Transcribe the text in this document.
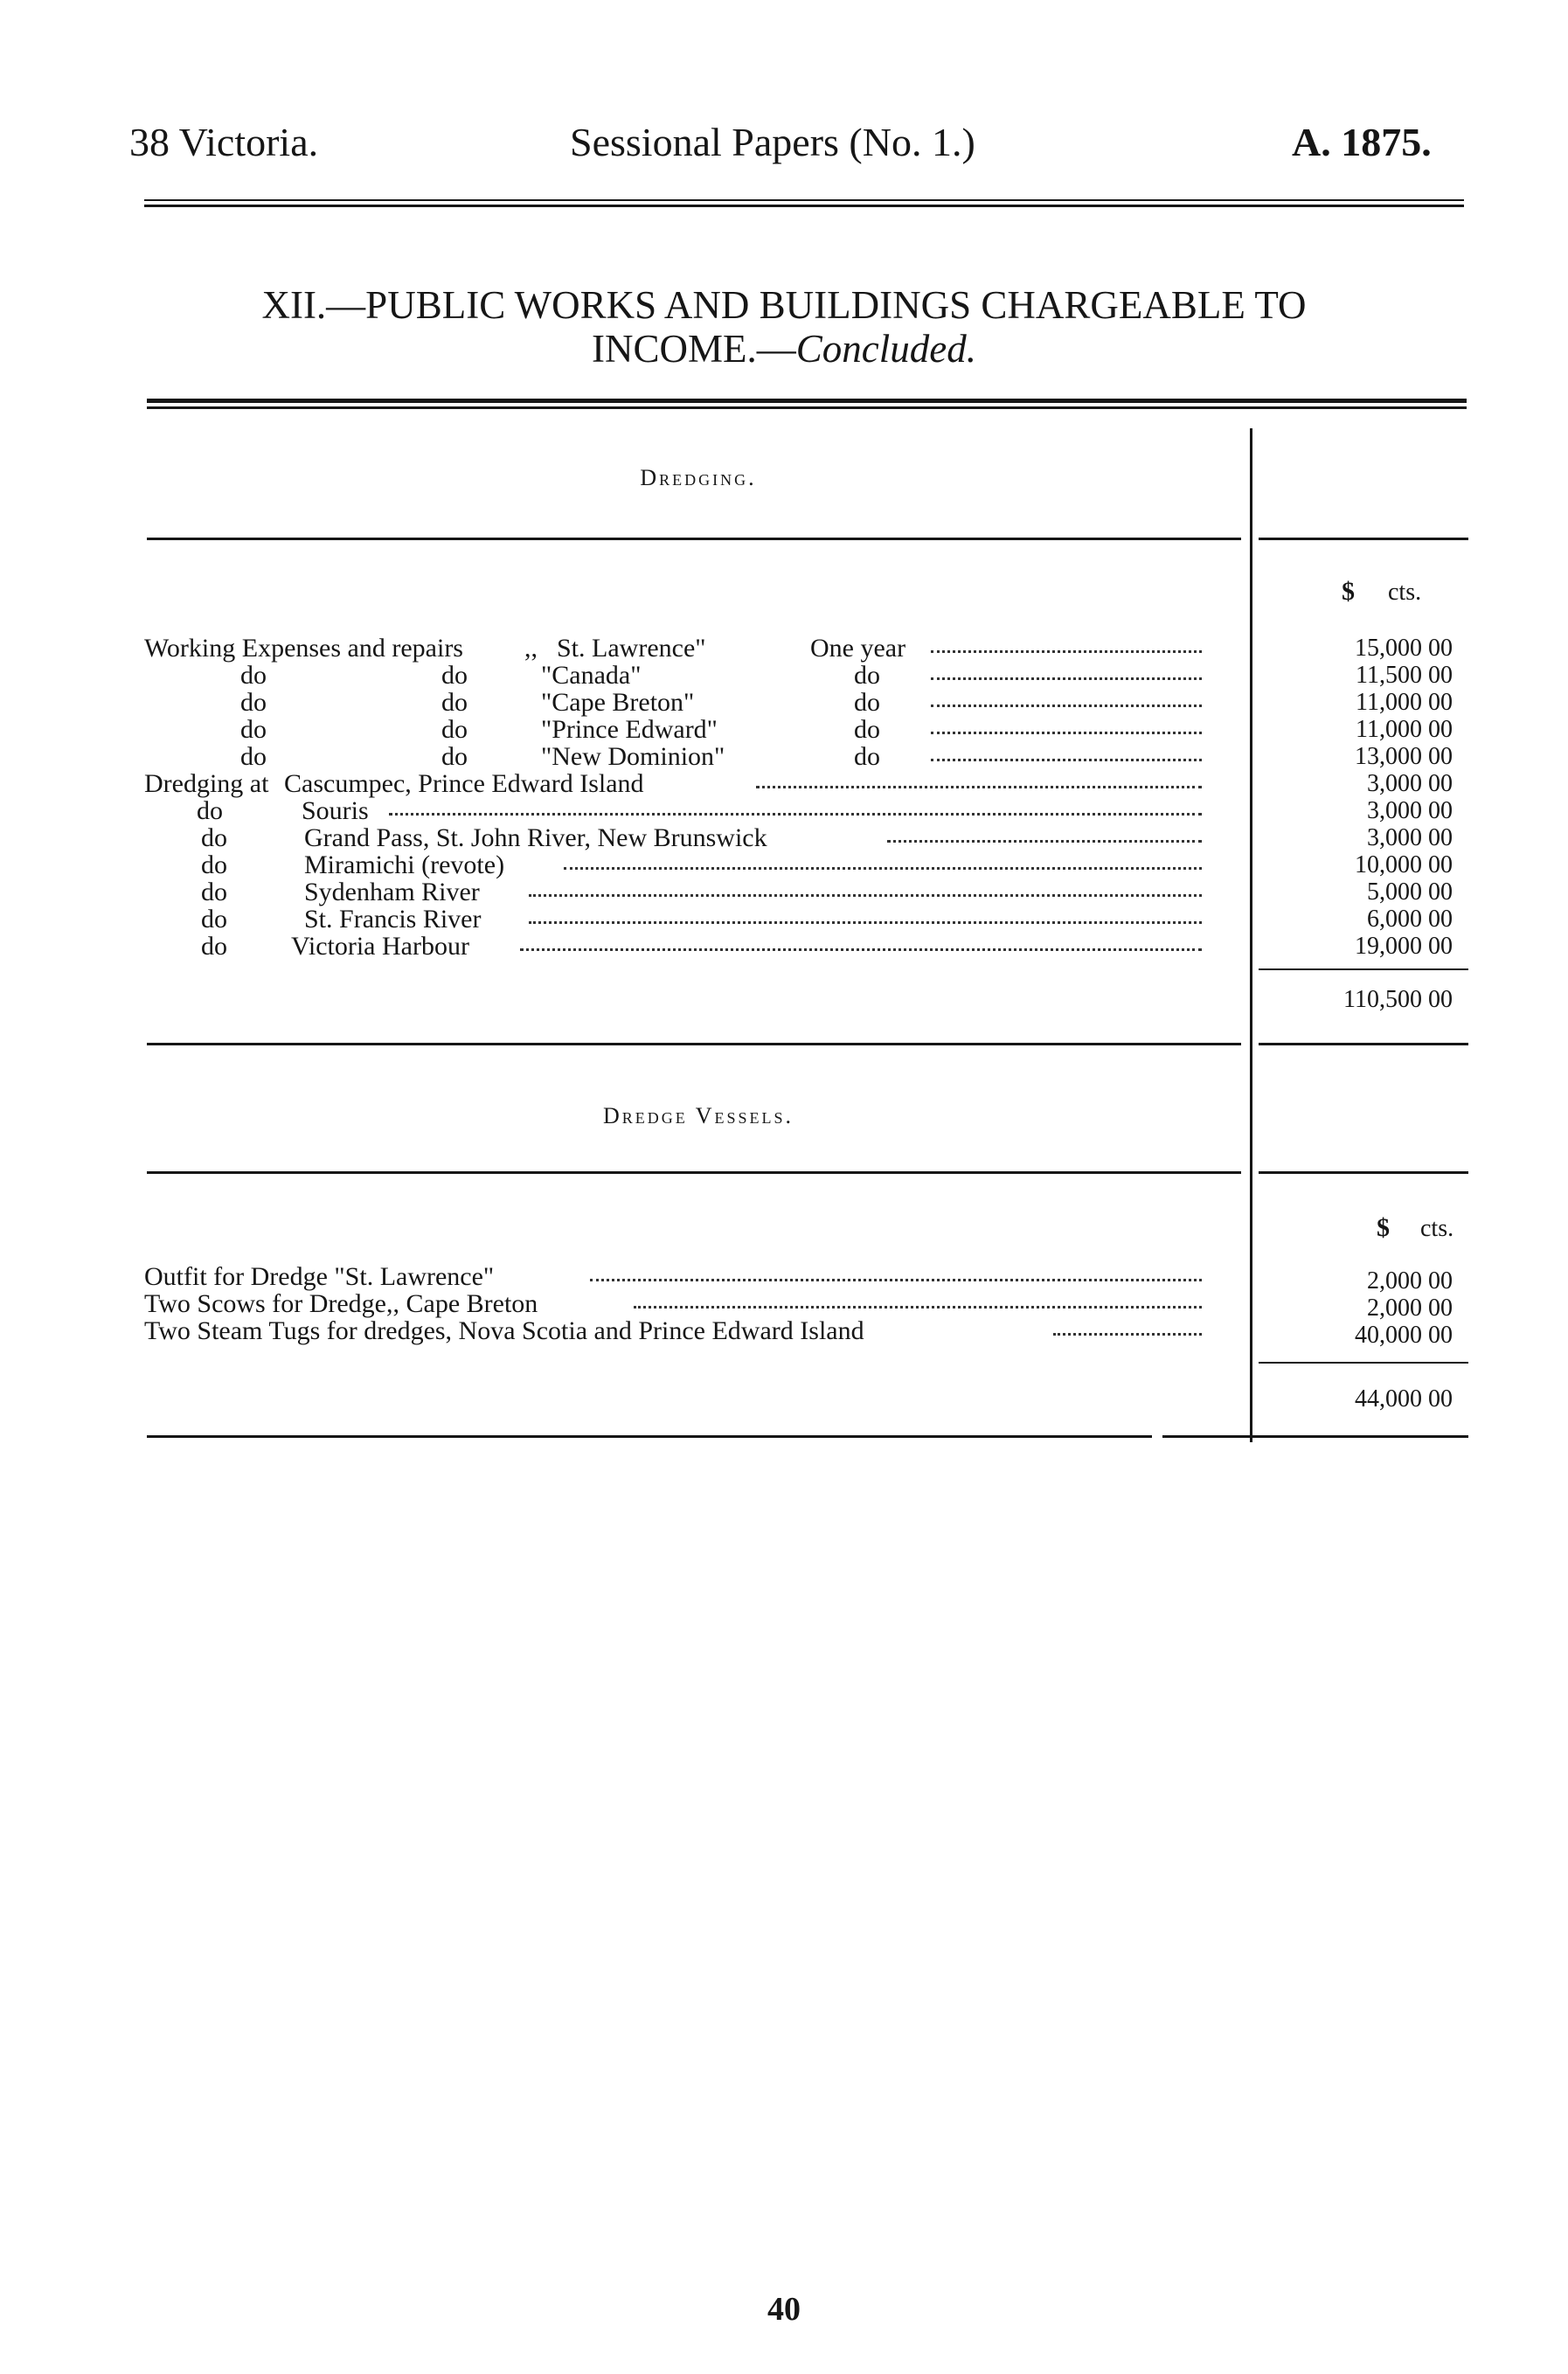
38 Victoria.	Sessional Papers (No. 1.)	A. 1875.
XII.—PUBLIC WORKS AND BUILDINGS CHARGEABLE TO
INCOME.—Concluded.
Dredging.
$ cts.
Working Expenses and repairs ,, St. Lawrence"	One year	15,000 00
do	do	"Canada"	do	11,500 00
do	do	"Cape Breton"	do	11,000 00
do	do	"Prince Edward"	do	11,000 00
do	do	"New Dominion"	do	13,000 00
Dredging at Cascumpec, Prince Edward Island	3,000 00
do	Souris	3,000 00
do	Grand Pass, St. John River, New Brunswick	3,000 00
do	Miramichi (revote)	10,000 00
do	Sydenham River	5,000 00
do	St. Francis River	6,000 00
do Victoria Harbour	19,000 00
110,500 00
Dredge Vessels.
$ cts.
Outfit for Dredge "St. Lawrence"	2,000 00
Two Scows for Dredge,, Cape Breton	2,000 00
Two Steam Tugs for dredges, Nova Scotia and Prince Edward Island	40,000 00
44,000 00
40
